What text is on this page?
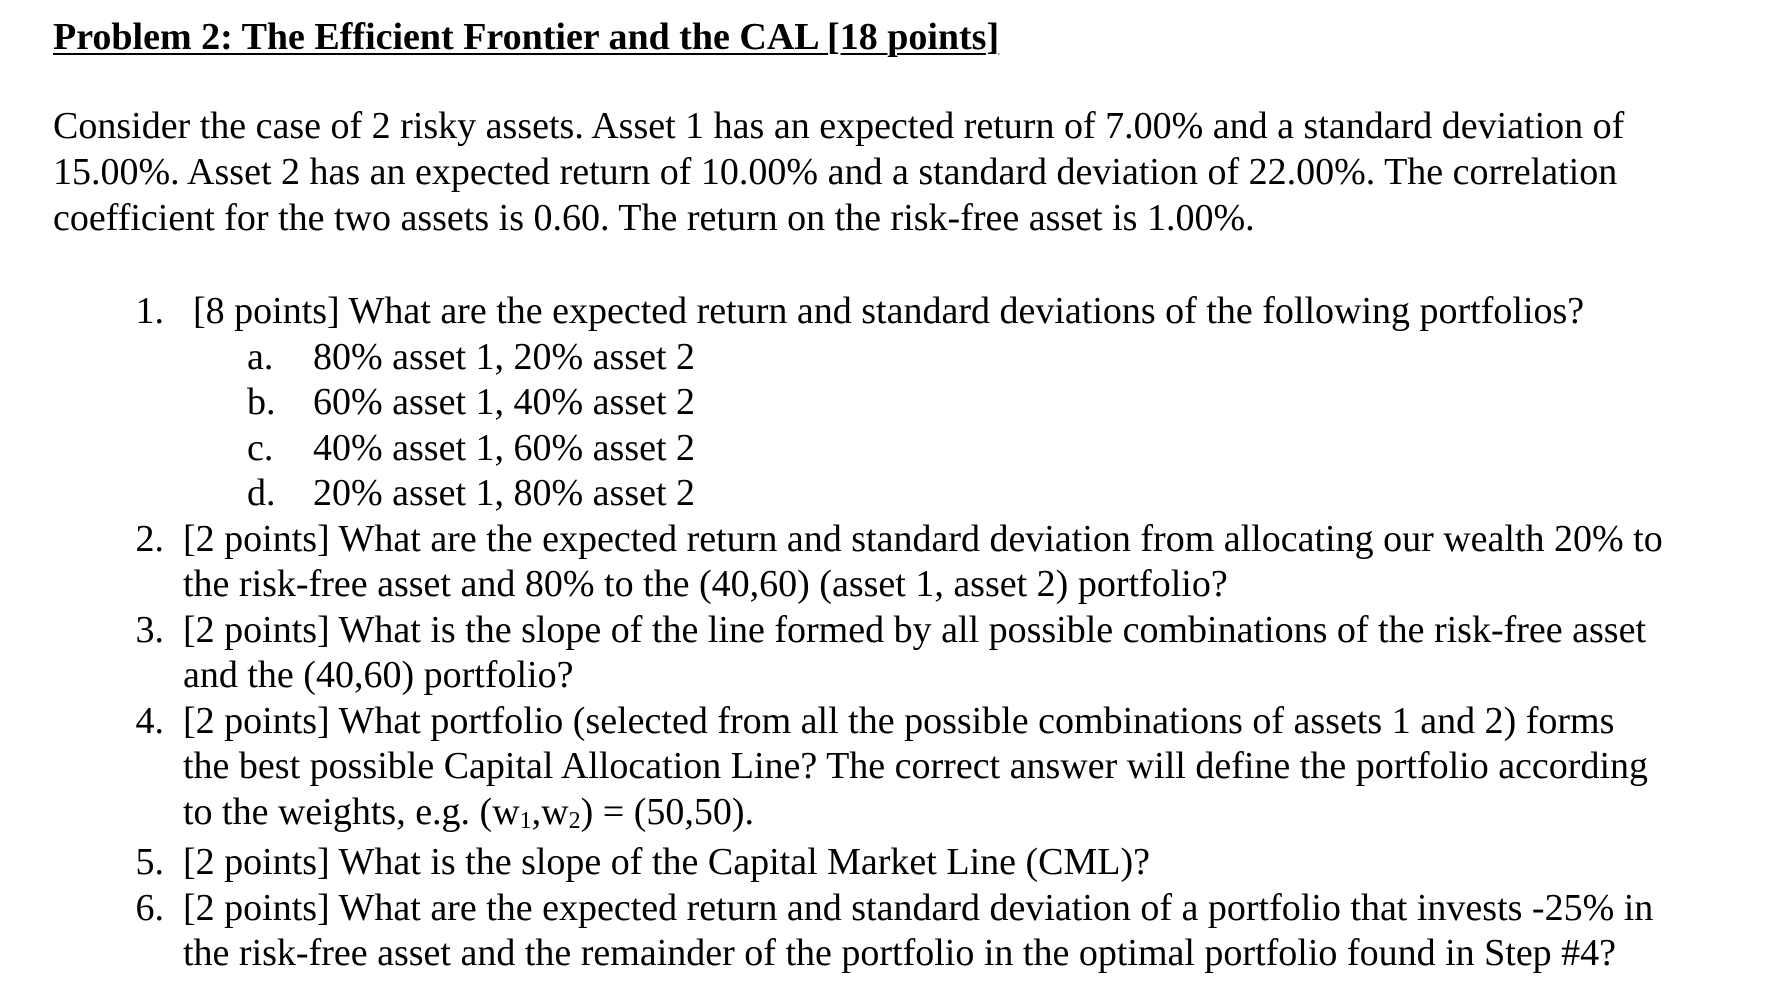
Problem 2: The Efficient Frontier and the CAL [18 points]
Consider the case of 2 risky assets. Asset 1 has an expected return of 7.00% and a standard deviation of
15.00%. Asset 2 has an expected return of 10.00% and a standard deviation of 22.00%. The correlation
coefficient for the two assets is 0.60. The return on the risk-free asset is 1.00%.
1. [8 points] What are the expected return and standard deviations of the following portfolios?
a.	80% asset 1, 20% asset 2
b. 60% asset 1, 40% asset 2
c.	40% asset 1, 60% asset 2
d. 20% asset 1, 80% asset 2
2. [2 points] What are the expected return and standard deviation from allocating our wealth 20% to
the risk-free asset and 80% to the (40,60) (asset 1, asset 2) portfolio?
3. [2 points] What is the slope of the line formed by all possible combinations of the risk-free asset
and the (40,60) portfolio?
4. [2 points] What portfolio (selected from all the possible combinations of assets 1 and 2) forms
the best possible Capital Allocation Line? The correct answer will define the portfolio according
to the weights, e.g. $(w_1,w_2) = (50,50)$.
5. [2 points] What is the slope of the Capital Market Line (CML)?
6. [2 points] What are the expected return and standard deviation of a portfolio that invests -25% in
the risk-free asset and the remainder of the portfolio in the optimal portfolio found in Step #4?
